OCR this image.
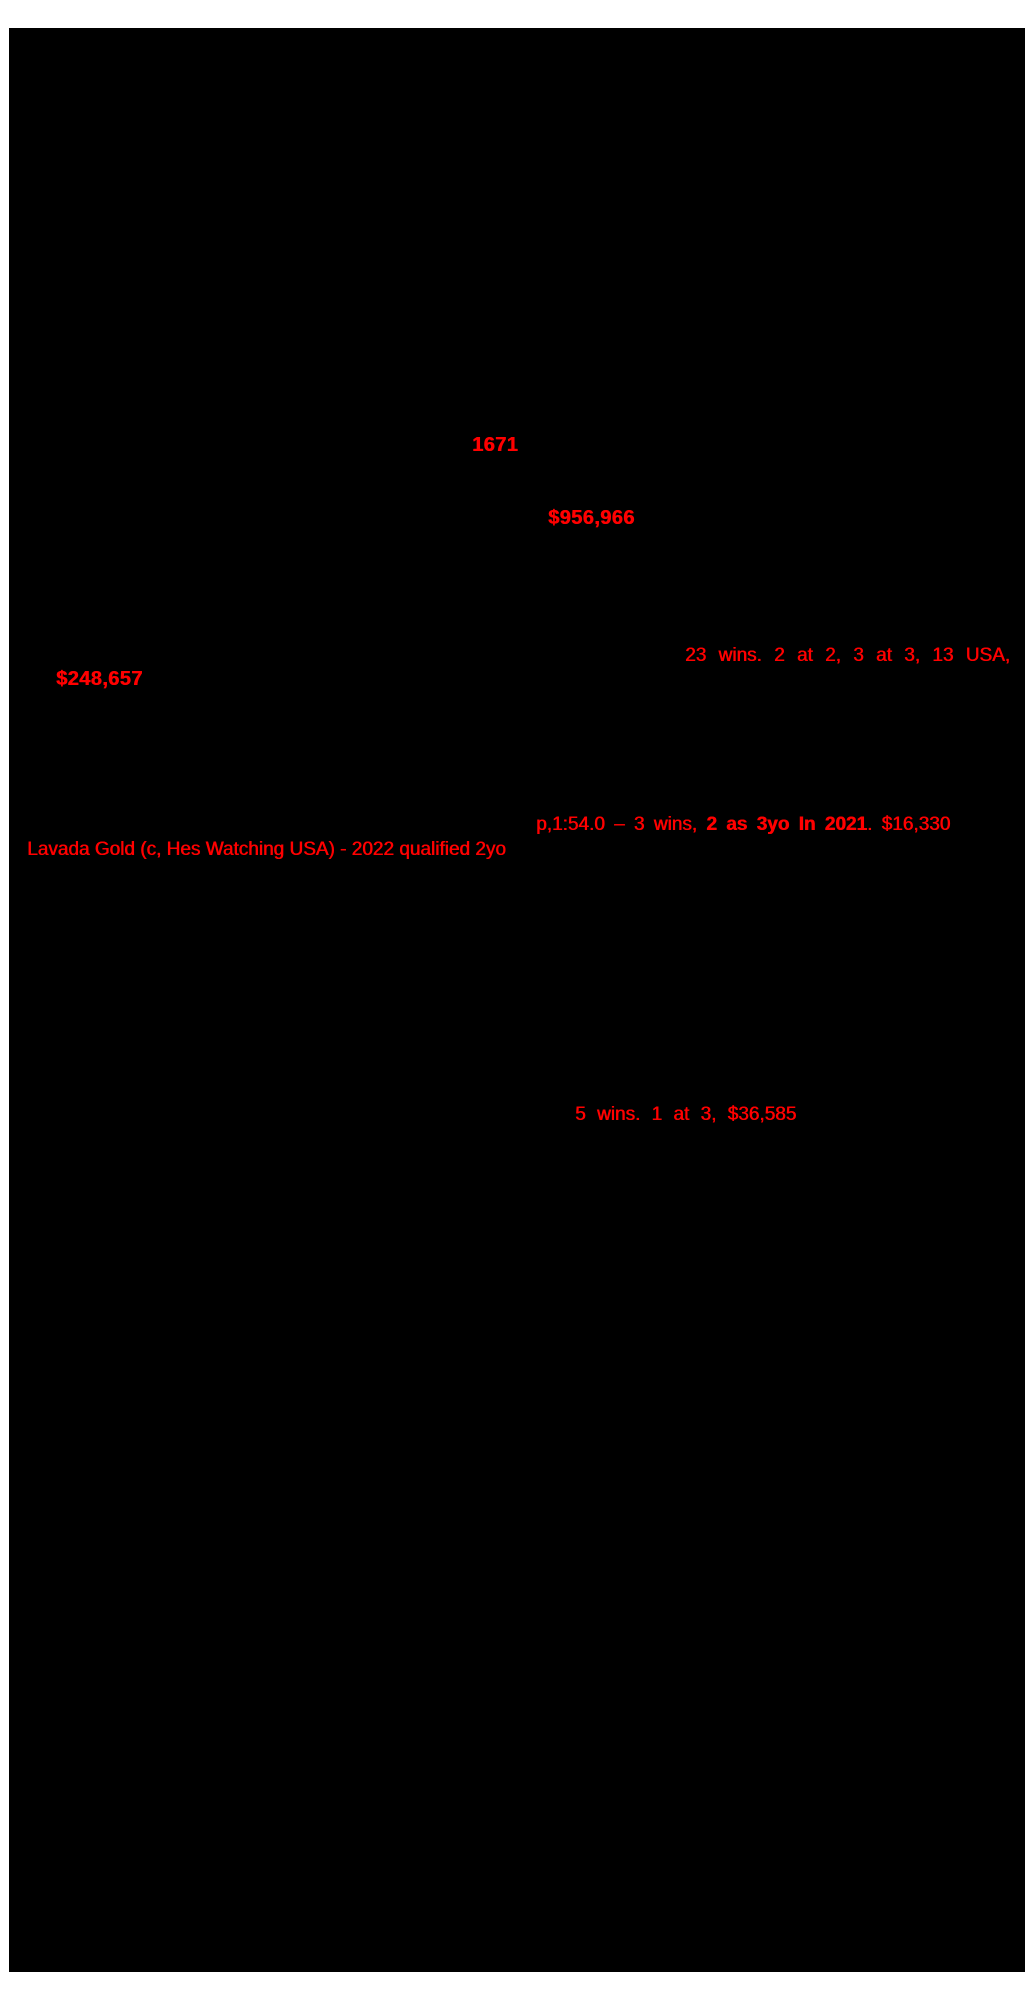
1671
$956,966
23 wins. 2 at 2, 3 at 3, 13 USA,
$248,657
p,1:54.0 – 3 wins, 2 as 3yo In 2021. $16,330
Lavada Gold (c, Hes Watching USA) - 2022 qualified 2yo
5 wins. 1 at 3, $36,585
